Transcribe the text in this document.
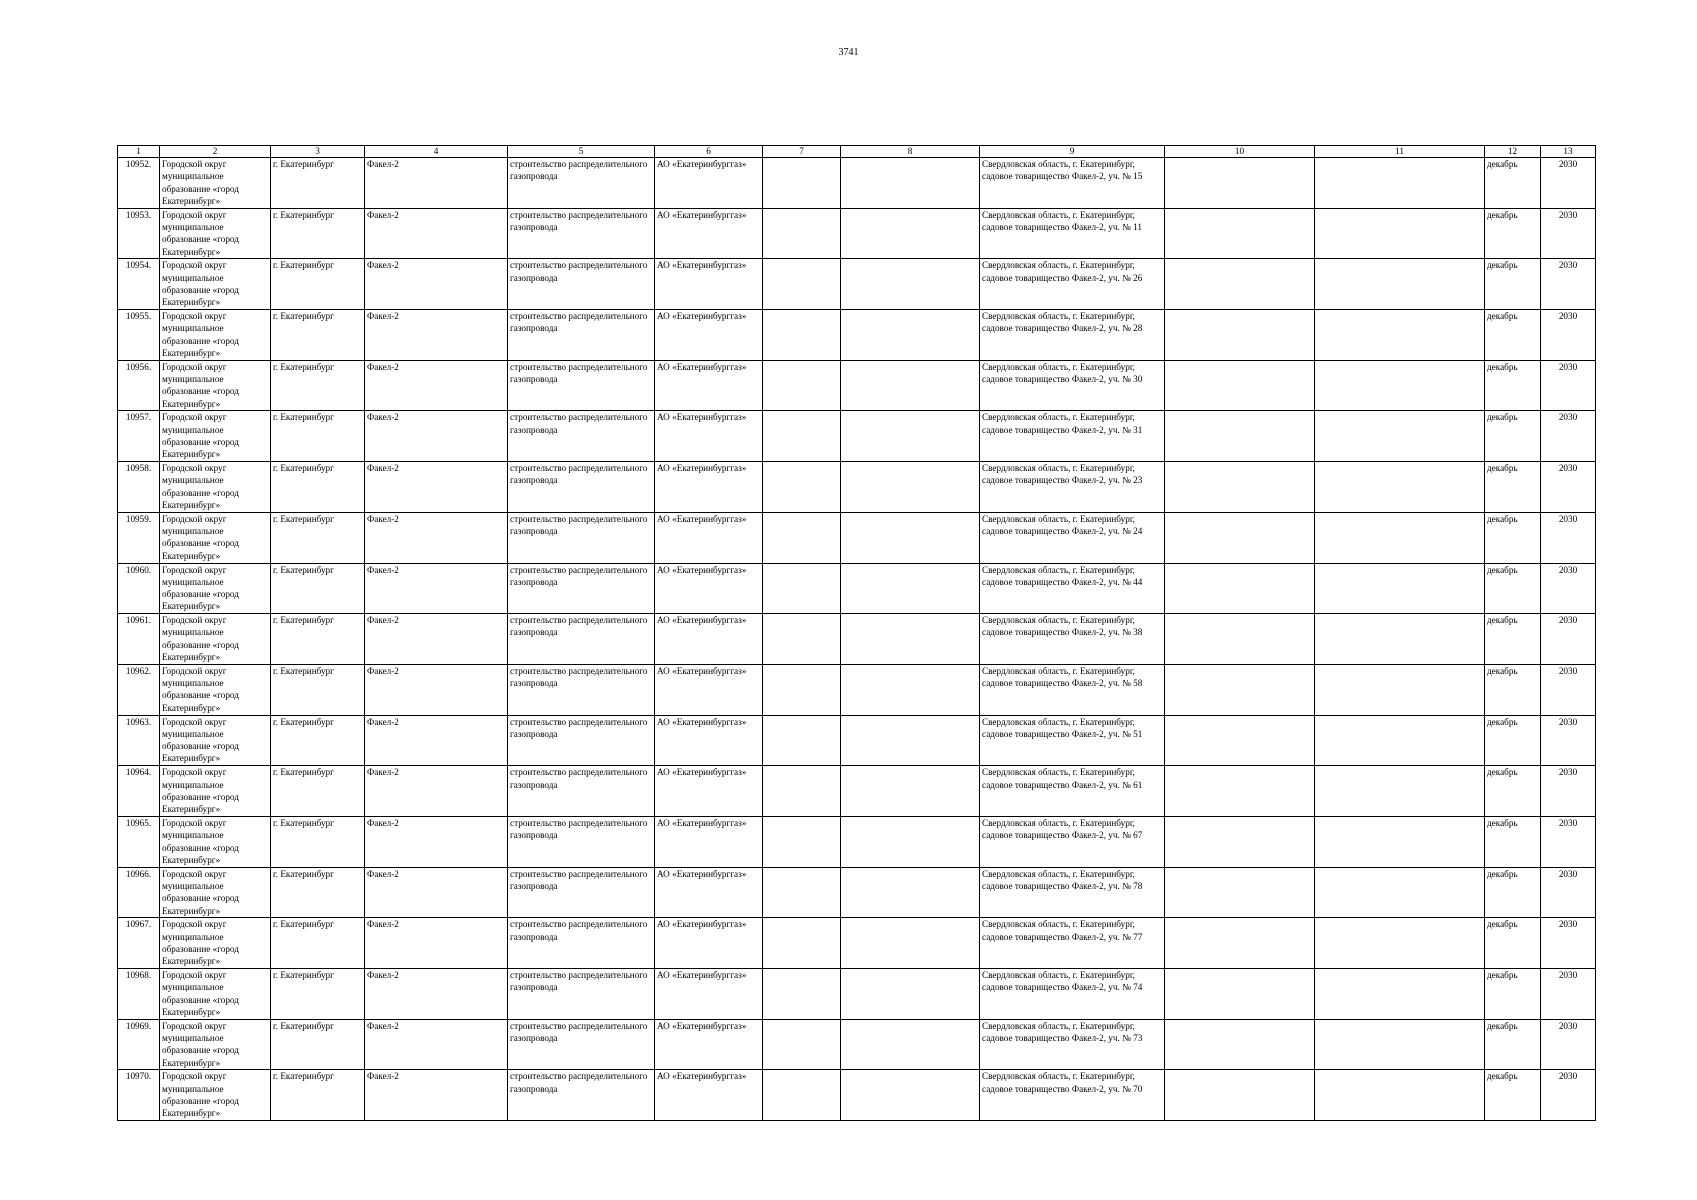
3741
1	2	3	4	5	6	7	8	9	10	11	12	13
10952.	Городской округ муниципальное образование «город Екатеринбург»	г. Екатеринбург	Факел-2	строительство распределительного газопровода	АО «Екатеринбурггаз»			Свердловская область, г. Екатеринбург, садовое товарищество Факел-2, уч. № 15			декабрь	2030
10953.	Городской округ муниципальное образование «город Екатеринбург»	г. Екатеринбург	Факел-2	строительство распределительного газопровода	АО «Екатеринбурггаз»			Свердловская область, г. Екатеринбург, садовое товарищество Факел-2, уч. № 11			декабрь	2030
10954.	Городской округ муниципальное образование «город Екатеринбург»	г. Екатеринбург	Факел-2	строительство распределительного газопровода	АО «Екатеринбурггаз»			Свердловская область, г. Екатеринбург, садовое товарищество Факел-2, уч. № 26			декабрь	2030
10955.	Городской округ муниципальное образование «город Екатеринбург»	г. Екатеринбург	Факел-2	строительство распределительного газопровода	АО «Екатеринбурггаз»			Свердловская область, г. Екатеринбург, садовое товарищество Факел-2, уч. № 28			декабрь	2030
10956.	Городской округ муниципальное образование «город Екатеринбург»	г. Екатеринбург	Факел-2	строительство распределительного газопровода	АО «Екатеринбурггаз»			Свердловская область, г. Екатеринбург, садовое товарищество Факел-2, уч. № 30			декабрь	2030
10957.	Городской округ муниципальное образование «город Екатеринбург»	г. Екатеринбург	Факел-2	строительство распределительного газопровода	АО «Екатеринбурггаз»			Свердловская область, г. Екатеринбург, садовое товарищество Факел-2, уч. № 31			декабрь	2030
10958.	Городской округ муниципальное образование «город Екатеринбург»	г. Екатеринбург	Факел-2	строительство распределительного газопровода	АО «Екатеринбурггаз»			Свердловская область, г. Екатеринбург, садовое товарищество Факел-2, уч. № 23			декабрь	2030
10959.	Городской округ муниципальное образование «город Екатеринбург»	г. Екатеринбург	Факел-2	строительство распределительного газопровода	АО «Екатеринбурггаз»			Свердловская область, г. Екатеринбург, садовое товарищество Факел-2, уч. № 24			декабрь	2030
10960.	Городской округ муниципальное образование «город Екатеринбург»	г. Екатеринбург	Факел-2	строительство распределительного газопровода	АО «Екатеринбурггаз»			Свердловская область, г. Екатеринбург, садовое товарищество Факел-2, уч. № 44			декабрь	2030
10961.	Городской округ муниципальное образование «город Екатеринбург»	г. Екатеринбург	Факел-2	строительство распределительного газопровода	АО «Екатеринбурггаз»			Свердловская область, г. Екатеринбург, садовое товарищество Факел-2, уч. № 38			декабрь	2030
10962.	Городской округ муниципальное образование «город Екатеринбург»	г. Екатеринбург	Факел-2	строительство распределительного газопровода	АО «Екатеринбурггаз»			Свердловская область, г. Екатеринбург, садовое товарищество Факел-2, уч. № 58			декабрь	2030
10963.	Городской округ муниципальное образование «город Екатеринбург»	г. Екатеринбург	Факел-2	строительство распределительного газопровода	АО «Екатеринбурггаз»			Свердловская область, г. Екатеринбург, садовое товарищество Факел-2, уч. № 51			декабрь	2030
10964.	Городской округ муниципальное образование «город Екатеринбург»	г. Екатеринбург	Факел-2	строительство распределительного газопровода	АО «Екатеринбурггаз»			Свердловская область, г. Екатеринбург, садовое товарищество Факел-2, уч. № 61			декабрь	2030
10965.	Городской округ муниципальное образование «город Екатеринбург»	г. Екатеринбург	Факел-2	строительство распределительного газопровода	АО «Екатеринбурггаз»			Свердловская область, г. Екатеринбург, садовое товарищество Факел-2, уч. № 67			декабрь	2030
10966.	Городской округ муниципальное образование «город Екатеринбург»	г. Екатеринбург	Факел-2	строительство распределительного газопровода	АО «Екатеринбурггаз»			Свердловская область, г. Екатеринбург, садовое товарищество Факел-2, уч. № 78			декабрь	2030
10967.	Городской округ муниципальное образование «город Екатеринбург»	г. Екатеринбург	Факел-2	строительство распределительного газопровода	АО «Екатеринбурггаз»			Свердловская область, г. Екатеринбург, садовое товарищество Факел-2, уч. № 77			декабрь	2030
10968.	Городской округ муниципальное образование «город Екатеринбург»	г. Екатеринбург	Факел-2	строительство распределительного газопровода	АО «Екатеринбурггаз»			Свердловская область, г. Екатеринбург, садовое товарищество Факел-2, уч. № 74			декабрь	2030
10969.	Городской округ муниципальное образование «город Екатеринбург»	г. Екатеринбург	Факел-2	строительство распределительного газопровода	АО «Екатеринбурггаз»			Свердловская область, г. Екатеринбург, садовое товарищество Факел-2, уч. № 73			декабрь	2030
10970.	Городской округ муниципальное образование «город Екатеринбург»	г. Екатеринбург	Факел-2	строительство распределительного газопровода	АО «Екатеринбурггаз»			Свердловская область, г. Екатеринбург, садовое товарищество Факел-2, уч. № 70			декабрь	2030
